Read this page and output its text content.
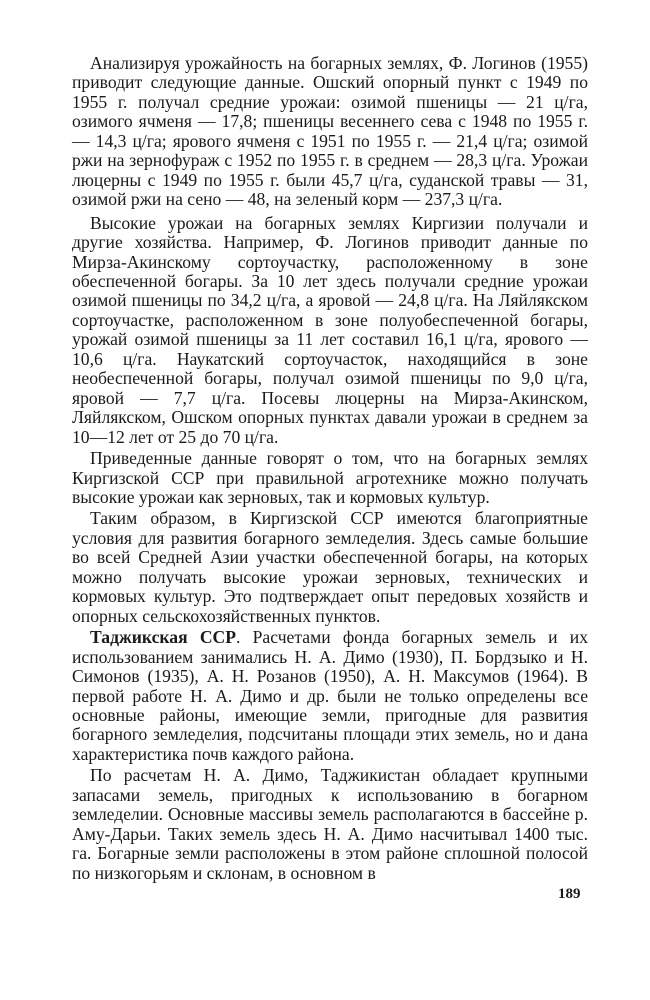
Анализируя урожайность на богарных землях, Ф. Логинов (1955) приводит следующие данные. Ошский опорный пункт с 1949 по 1955 г. получал средние урожаи: озимой пшеницы — 21 ц/га, озимого ячменя — 17,8; пшеницы весеннего сева с 1948 по 1955 г. — 14,3 ц/га; ярового ячменя с 1951 по 1955 г. — 21,4 ц/га; озимой ржи на зернофураж с 1952 по 1955 г. в среднем — 28,3 ц/га. Урожаи люцерны с 1949 по 1955 г. были 45,7 ц/га, суданской травы — 31, озимой ржи на сено — 48, на зеленый корм — 237,3 ц/га.

Высокие урожаи на богарных землях Киргизии получали и другие хозяйства. Например, Ф. Логинов приводит данные по Мирза-Акинскому сортоучастку, расположенному в зоне обеспеченной богары. За 10 лет здесь получали средние урожаи озимой пшеницы по 34,2 ц/га, а яровой — 24,8 ц/га. На Ляйлякском сортоучастке, расположенном в зоне полуобеспеченной богары, урожай озимой пшеницы за 11 лет составил 16,1 ц/га, ярового — 10,6 ц/га. Наукатский сортоучасток, находящийся в зоне необеспеченной богары, получал озимой пшеницы по 9,0 ц/га, яровой — 7,7 ц/га. Посевы люцерны на Мирза-Акинском, Ляйлякском, Ошском опорных пунктах давали урожаи в среднем за 10—12 лет от 25 до 70 ц/га.

Приведенные данные говорят о том, что на богарных землях Киргизской ССР при правильной агротехнике можно получать высокие урожаи как зерновых, так и кормовых культур.

Таким образом, в Киргизской ССР имеются благоприятные условия для развития богарного земледелия. Здесь самые большие во всей Средней Азии участки обеспеченной богары, на которых можно получать высокие урожаи зерновых, технических и кормовых культур. Это подтверждает опыт передовых хозяйств и опорных сельскохозяйственных пунктов.

Таджикская ССР. Расчетами фонда богарных земель и их использованием занимались Н. А. Димо (1930), П. Бордзыко и Н. Симонов (1935), А. Н. Розанов (1950), А. Н. Максумов (1964). В первой работе Н. А. Димо и др. были не только определены все основные районы, имеющие земли, пригодные для развития богарного земледелия, подсчитаны площади этих земель, но и дана характеристика почв каждого района.

По расчетам Н. А. Димо, Таджикистан обладает крупными запасами земель, пригодных к использованию в богарном земледелии. Основные массивы земель располагаются в бассейне р. Аму-Дарьи. Таких земель здесь Н. А. Димо насчитывал 1400 тыс. га. Богарные земли расположены в этом районе сплошной полосой по низкогорьям и склонам, в основном в

189
